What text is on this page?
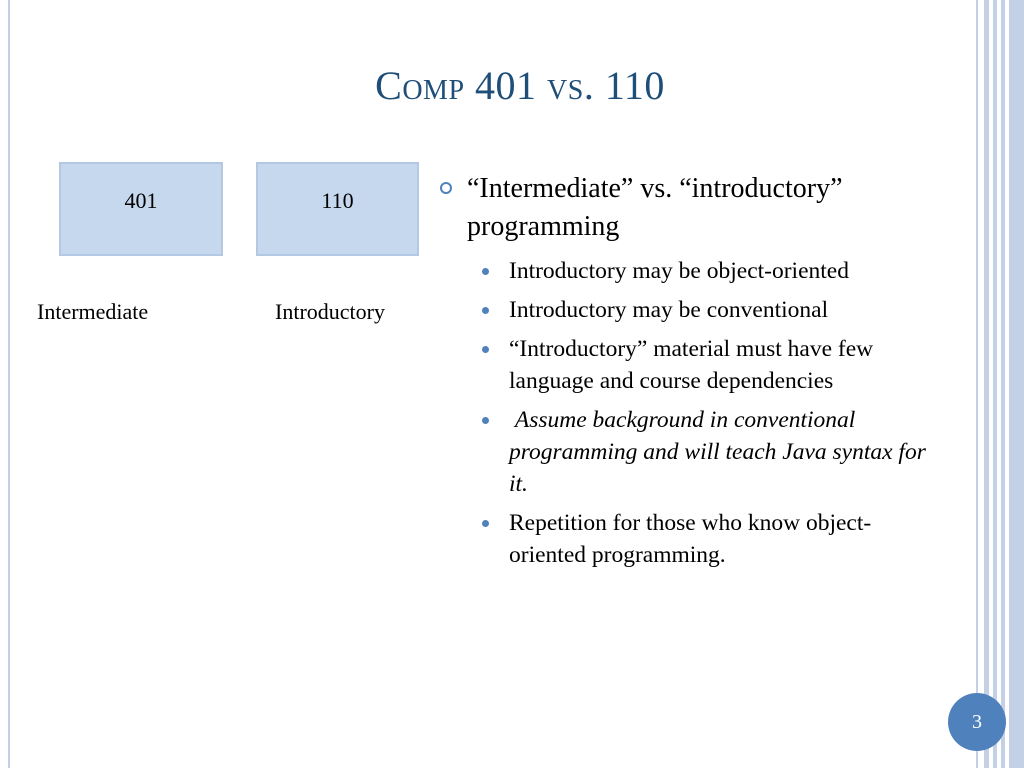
Comp 401 vs. 110
401	110
Intermediate	Introductory
“Intermediate” vs. “introductory” programming
Introductory may be object-oriented
Introductory may be conventional
“Introductory” material must have few language and course dependencies
Assume background in conventional programming and will teach Java syntax for it.
Repetition for those who know object-oriented programming.
3
